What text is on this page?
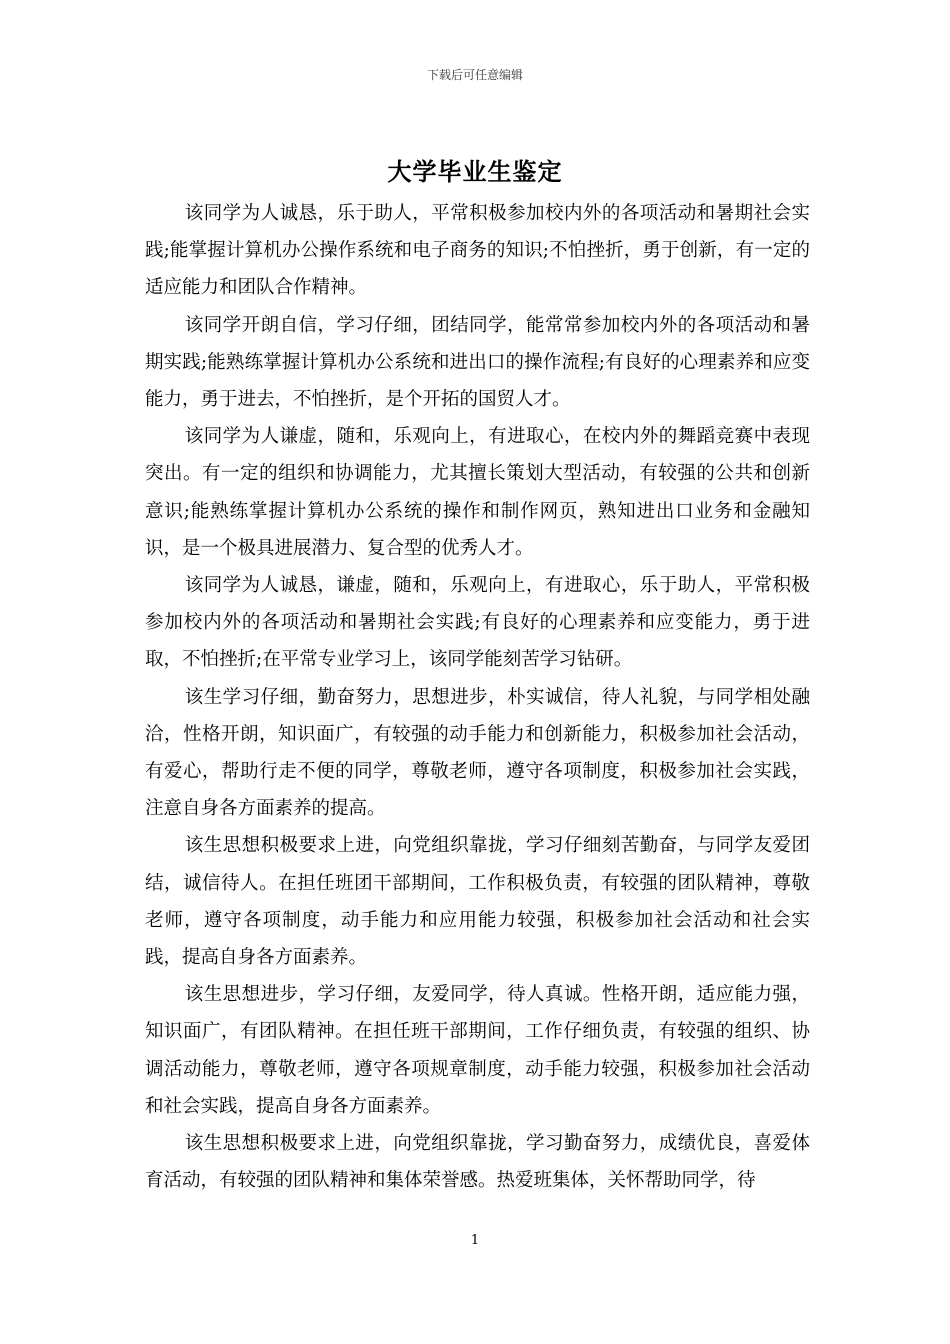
下载后可任意编辑
大学毕业生鉴定

该同学为人诚恳，乐于助人，平常积极参加校内外的各项活动和暑期社会实践;能掌握计算机办公操作系统和电子商务的知识;不怕挫折，勇于创新，有一定的适应能力和团队合作精神。

该同学开朗自信，学习仔细，团结同学，能常常参加校内外的各项活动和暑期实践;能熟练掌握计算机办公系统和进出口的操作流程;有良好的心理素养和应变能力，勇于进去，不怕挫折，是个开拓的国贸人才。

该同学为人谦虚，随和，乐观向上，有进取心，在校内外的舞蹈竞赛中表现突出。有一定的组织和协调能力，尤其擅长策划大型活动，有较强的公共和创新意识;能熟练掌握计算机办公系统的操作和制作网页，熟知进出口业务和金融知识，是一个极具进展潜力、复合型的优秀人才。

该同学为人诚恳，谦虚，随和，乐观向上，有进取心，乐于助人，平常积极参加校内外的各项活动和暑期社会实践;有良好的心理素养和应变能力，勇于进取，不怕挫折;在平常专业学习上，该同学能刻苦学习钻研。

该生学习仔细，勤奋努力，思想进步，朴实诚信，待人礼貌，与同学相处融洽，性格开朗，知识面广，有较强的动手能力和创新能力，积极参加社会活动，有爱心，帮助行走不便的同学，尊敬老师，遵守各项制度，积极参加社会实践，注意自身各方面素养的提高。

该生思想积极要求上进，向党组织靠拢，学习仔细刻苦勤奋，与同学友爱团结，诚信待人。在担任班团干部期间，工作积极负责，有较强的团队精神，尊敬老师，遵守各项制度，动手能力和应用能力较强，积极参加社会活动和社会实践，提高自身各方面素养。

该生思想进步，学习仔细，友爱同学，待人真诚。性格开朗，适应能力强，知识面广，有团队精神。在担任班干部期间，工作仔细负责，有较强的组织、协调活动能力，尊敬老师，遵守各项规章制度，动手能力较强，积极参加社会活动和社会实践，提高自身各方面素养。

该生思想积极要求上进，向党组织靠拢，学习勤奋努力，成绩优良，喜爱体育活动，有较强的团队精神和集体荣誉感。热爱班集体，关怀帮助同学，待

1
